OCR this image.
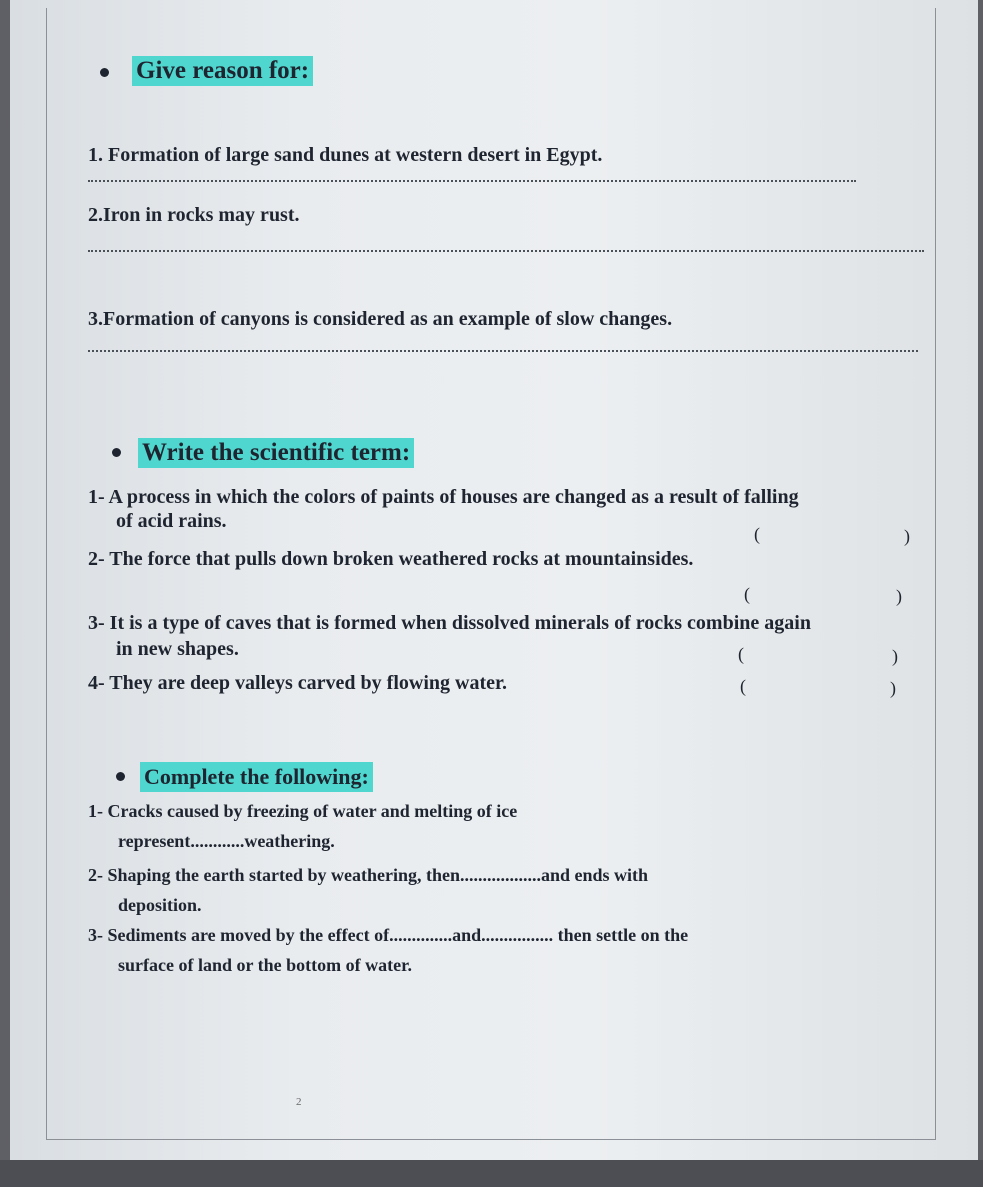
Give reason for:
1. Formation of large sand dunes at western desert in Egypt.
2.Iron in rocks may rust.
3.Formation of canyons is considered as an example of slow changes.
Write the scientific term:
1- A process in which the colors of paints of houses are changed as a result of falling
of acid rains.
(	)
2- The force that pulls down broken weathered rocks at mountainsides.
(	)
3- It is a type of caves that is formed when dissolved minerals of rocks combine again
in new shapes.	(	)
4- They are deep valleys carved by flowing water.	(	)
Complete the following:
1- Cracks caused by freezing of water and melting of ice
represent............weathering.
2- Shaping the earth started by weathering, then..................and ends with
deposition.
3- Sediments are moved by the effect of..............and................ then settle on the
surface of land or the bottom of water.
2
